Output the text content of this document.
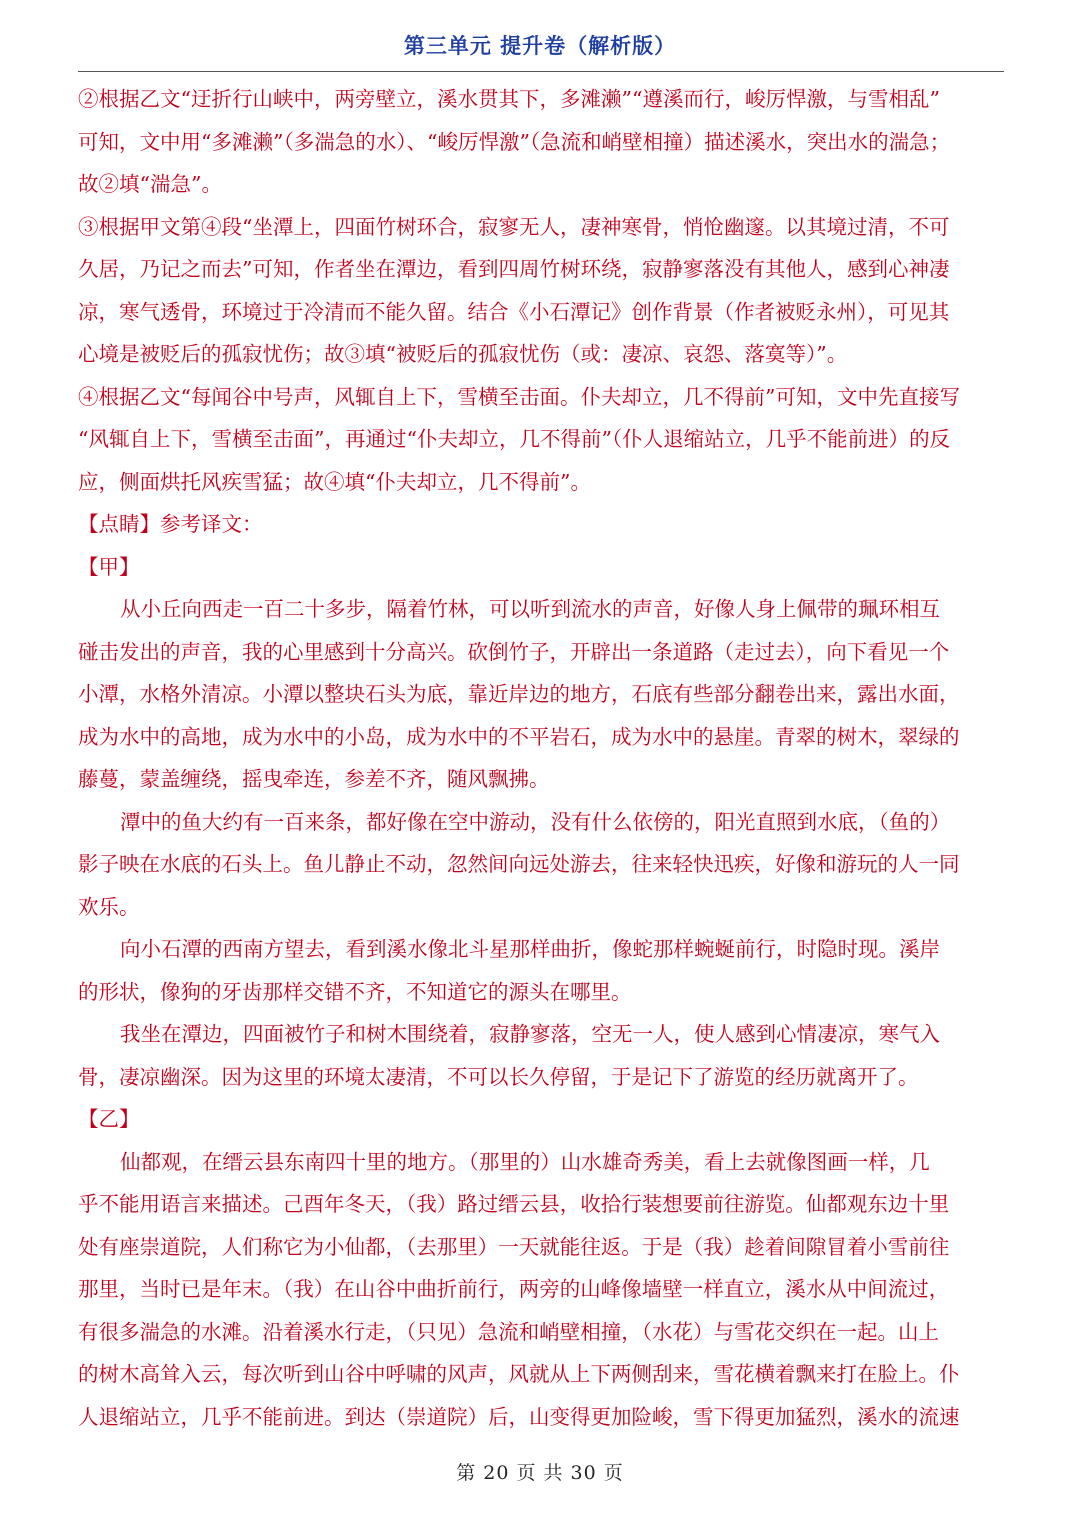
第三单元 提升卷（解析版）

②根据乙文“迂折行山峡中，两旁壁立，溪水贯其下，多滩濑”“遵溪而行，峻厉悍激，与雪相乱”

可知，文中用“多滩濑”（多湍急的水）、“峻厉悍激”（急流和峭壁相撞）描述溪水，突出水的湍急；

故②填“湍急”。

③根据甲文第④段“坐潭上，四面竹树环合，寂寥无人，凄神寒骨，悄怆幽邃。以其境过清，不可

久居，乃记之而去”可知，作者坐在潭边，看到四周竹树环绕，寂静寥落没有其他人，感到心神凄

凉，寒气透骨，环境过于冷清而不能久留。结合《小石潭记》创作背景（作者被贬永州），可见其

心境是被贬后的孤寂忧伤；故③填“被贬后的孤寂忧伤（或：凄凉、哀怨、落寞等）”。

④根据乙文“每闻谷中号声，风辄自上下，雪横至击面。仆夫却立，几不得前”可知，文中先直接写

“风辄自上下，雪横至击面”，再通过“仆夫却立，几不得前”（仆人退缩站立，几乎不能前进）的反

应，侧面烘托风疾雪猛；故④填“仆夫却立，几不得前”。

【点睛】参考译文：

【甲】

从小丘向西走一百二十多步，隔着竹林，可以听到流水的声音，好像人身上佩带的珮环相互

碰击发出的声音，我的心里感到十分高兴。砍倒竹子，开辟出一条道路（走过去），向下看见一个

小潭，水格外清凉。小潭以整块石头为底，靠近岸边的地方，石底有些部分翻卷出来，露出水面，

成为水中的高地，成为水中的小岛，成为水中的不平岩石，成为水中的悬崖。青翠的树木，翠绿的

藤蔓，蒙盖缠绕，摇曳牵连，参差不齐，随风飘拂。

潭中的鱼大约有一百来条，都好像在空中游动，没有什么依傍的，阳光直照到水底，（鱼的）

影子映在水底的石头上。鱼儿静止不动，忽然间向远处游去，往来轻快迅疾，好像和游玩的人一同

欢乐。

向小石潭的西南方望去，看到溪水像北斗星那样曲折，像蛇那样蜿蜒前行，时隐时现。溪岸

的形状，像狗的牙齿那样交错不齐，不知道它的源头在哪里。

我坐在潭边，四面被竹子和树木围绕着，寂静寥落，空无一人，使人感到心情凄凉，寒气入

骨，凄凉幽深。因为这里的环境太凄清，不可以长久停留，于是记下了游览的经历就离开了。

【乙】

仙都观，在缙云县东南四十里的地方。（那里的）山水雄奇秀美，看上去就像图画一样，几

乎不能用语言来描述。己酉年冬天，（我）路过缙云县，收拾行装想要前往游览。仙都观东边十里

处有座崇道院，人们称它为小仙都，（去那里）一天就能往返。于是（我）趁着间隙冒着小雪前往

那里，当时已是年末。（我）在山谷中曲折前行，两旁的山峰像墙壁一样直立，溪水从中间流过，

有很多湍急的水滩。沿着溪水行走，（只见）急流和峭壁相撞，（水花）与雪花交织在一起。山上

的树木高耸入云，每次听到山谷中呼啸的风声，风就从上下两侧刮来，雪花横着飘来打在脸上。仆

人退缩站立，几乎不能前进。到达（崇道院）后，山变得更加险峻，雪下得更加猛烈，溪水的流速

第 20 页 共 30 页
